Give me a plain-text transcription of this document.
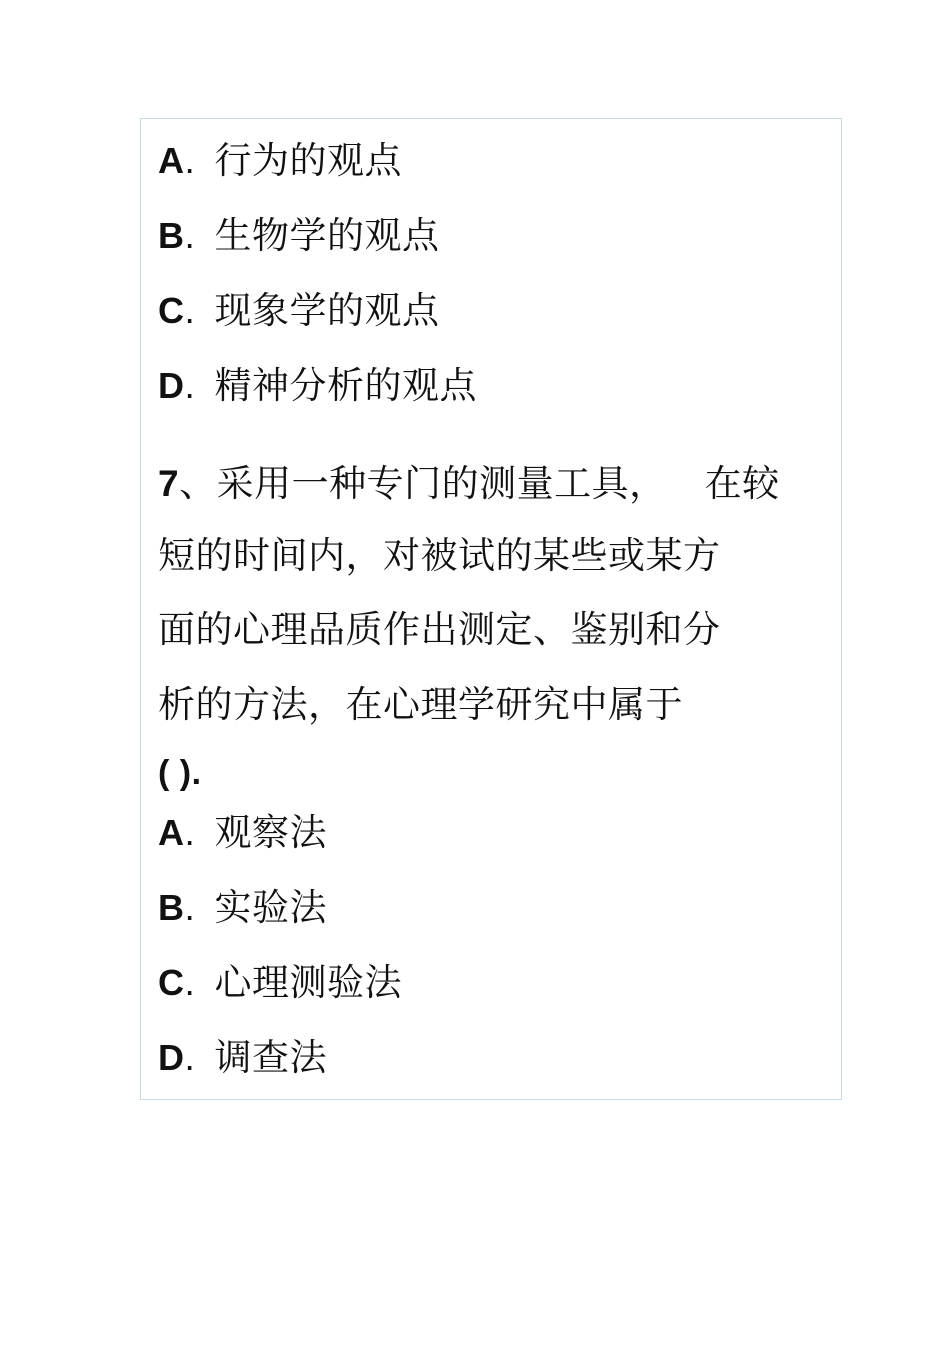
A. 行为的观点
B. 生物学的观点
C. 现象学的观点
D. 精神分析的观点
7、采用一种专门的测量工具， 在较
短的时间内，对被试的某些或某方
面的心理品质作出测定、鉴别和分
析的方法，在心理学研究中属于
( ).
A. 观察法
B. 实验法
C. 心理测验法
D. 调查法
